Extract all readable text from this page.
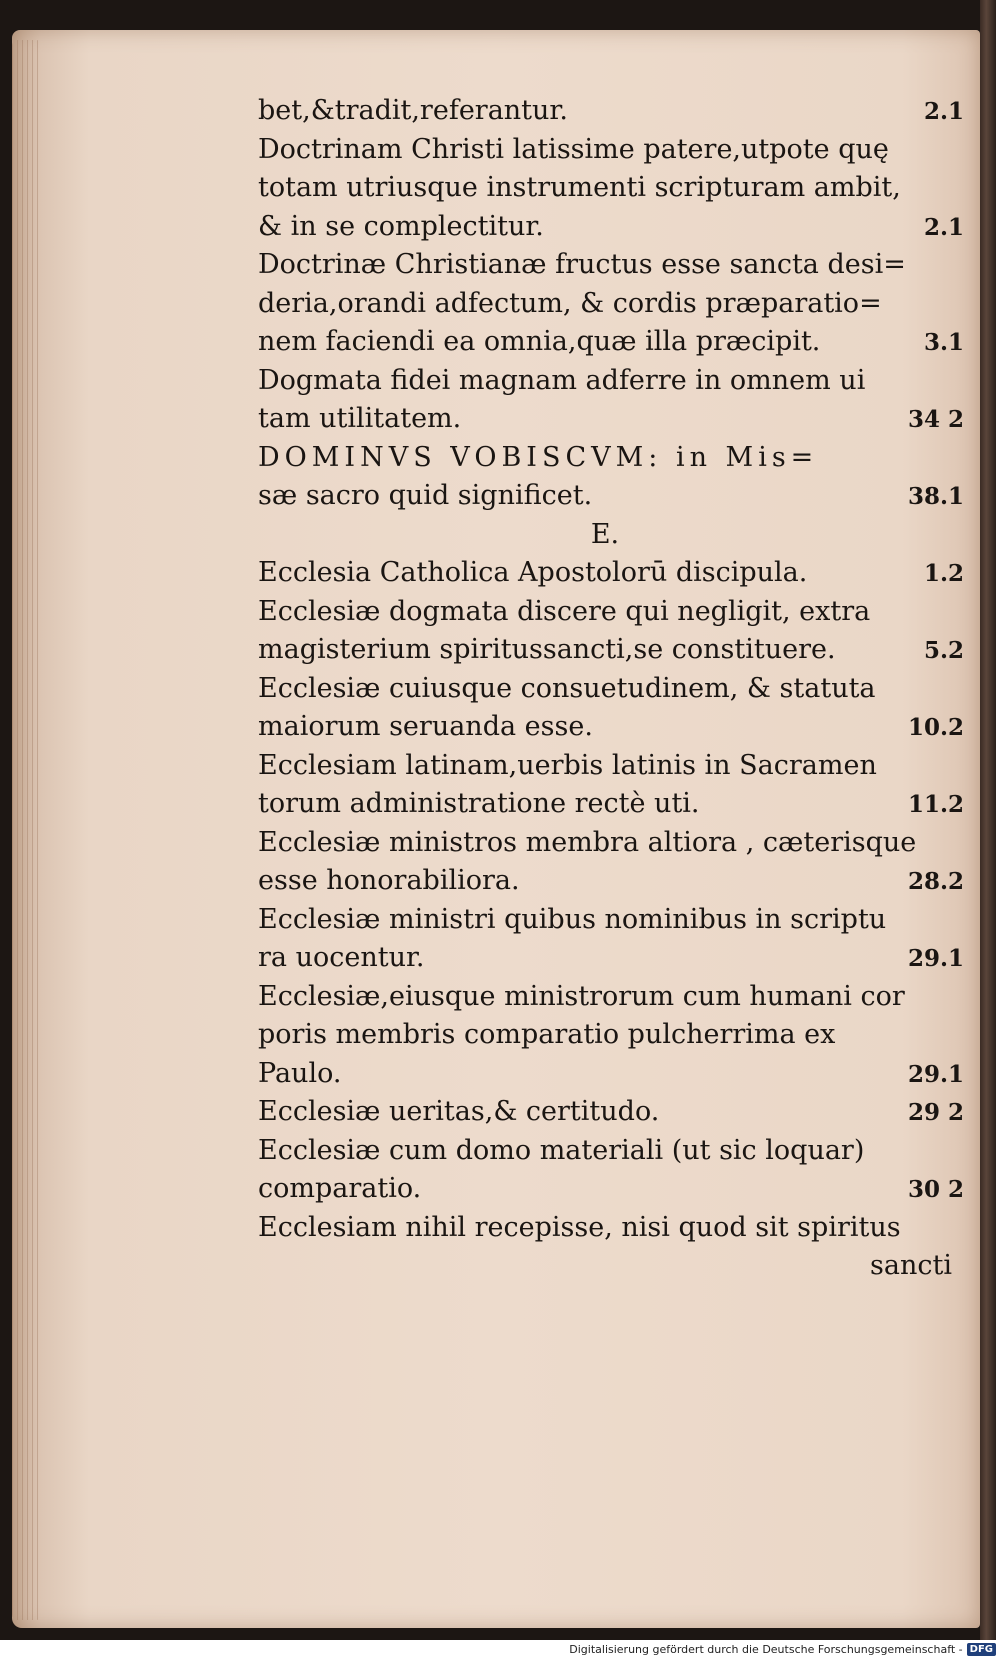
bet,&tradit,referantur.	2.1
Doctrinam Christi latissime patere,utpote quę
totam utriusque instrumenti scripturam ambit,
& in se complectitur.	2.1
Doctrinæ Christianæ fructus esse sancta desi=
deria,orandi adfectum, & cordis præparatio=
nem faciendi ea omnia,quæ illa præcipit.	3.1
Dogmata fidei magnam adferre in omnem ui
tam utilitatem.	34 2
DOMINVS VOBISCVM: in Mis=
sæ sacro quid significet.	38.1
E.
Ecclesia Catholica Apostolorū discipula.	1.2
Ecclesiæ dogmata discere qui negligit, extra
magisterium spiritussancti,se constituere.	5.2
Ecclesiæ cuiusque consuetudinem, & statuta
maiorum seruanda esse.	10.2
Ecclesiam latinam,uerbis latinis in Sacramen
torum administratione rectè uti.	11.2
Ecclesiæ ministros membra altiora , cæterisque
esse honorabiliora.	28.2
Ecclesiæ ministri quibus nominibus in scriptu
ra uocentur.	29.1
Ecclesiæ,eiusque ministrorum cum humani cor
poris membris comparatio pulcherrima ex
Paulo.	29.1
Ecclesiæ ueritas,& certitudo.	29 2
Ecclesiæ cum domo materiali (ut sic loquar)
comparatio.	30 2
Ecclesiam nihil recepisse, nisi quod sit spiritus
sancti
Digitalisierung gefördert durch die Deutsche Forschungsgemeinschaft - DFG
